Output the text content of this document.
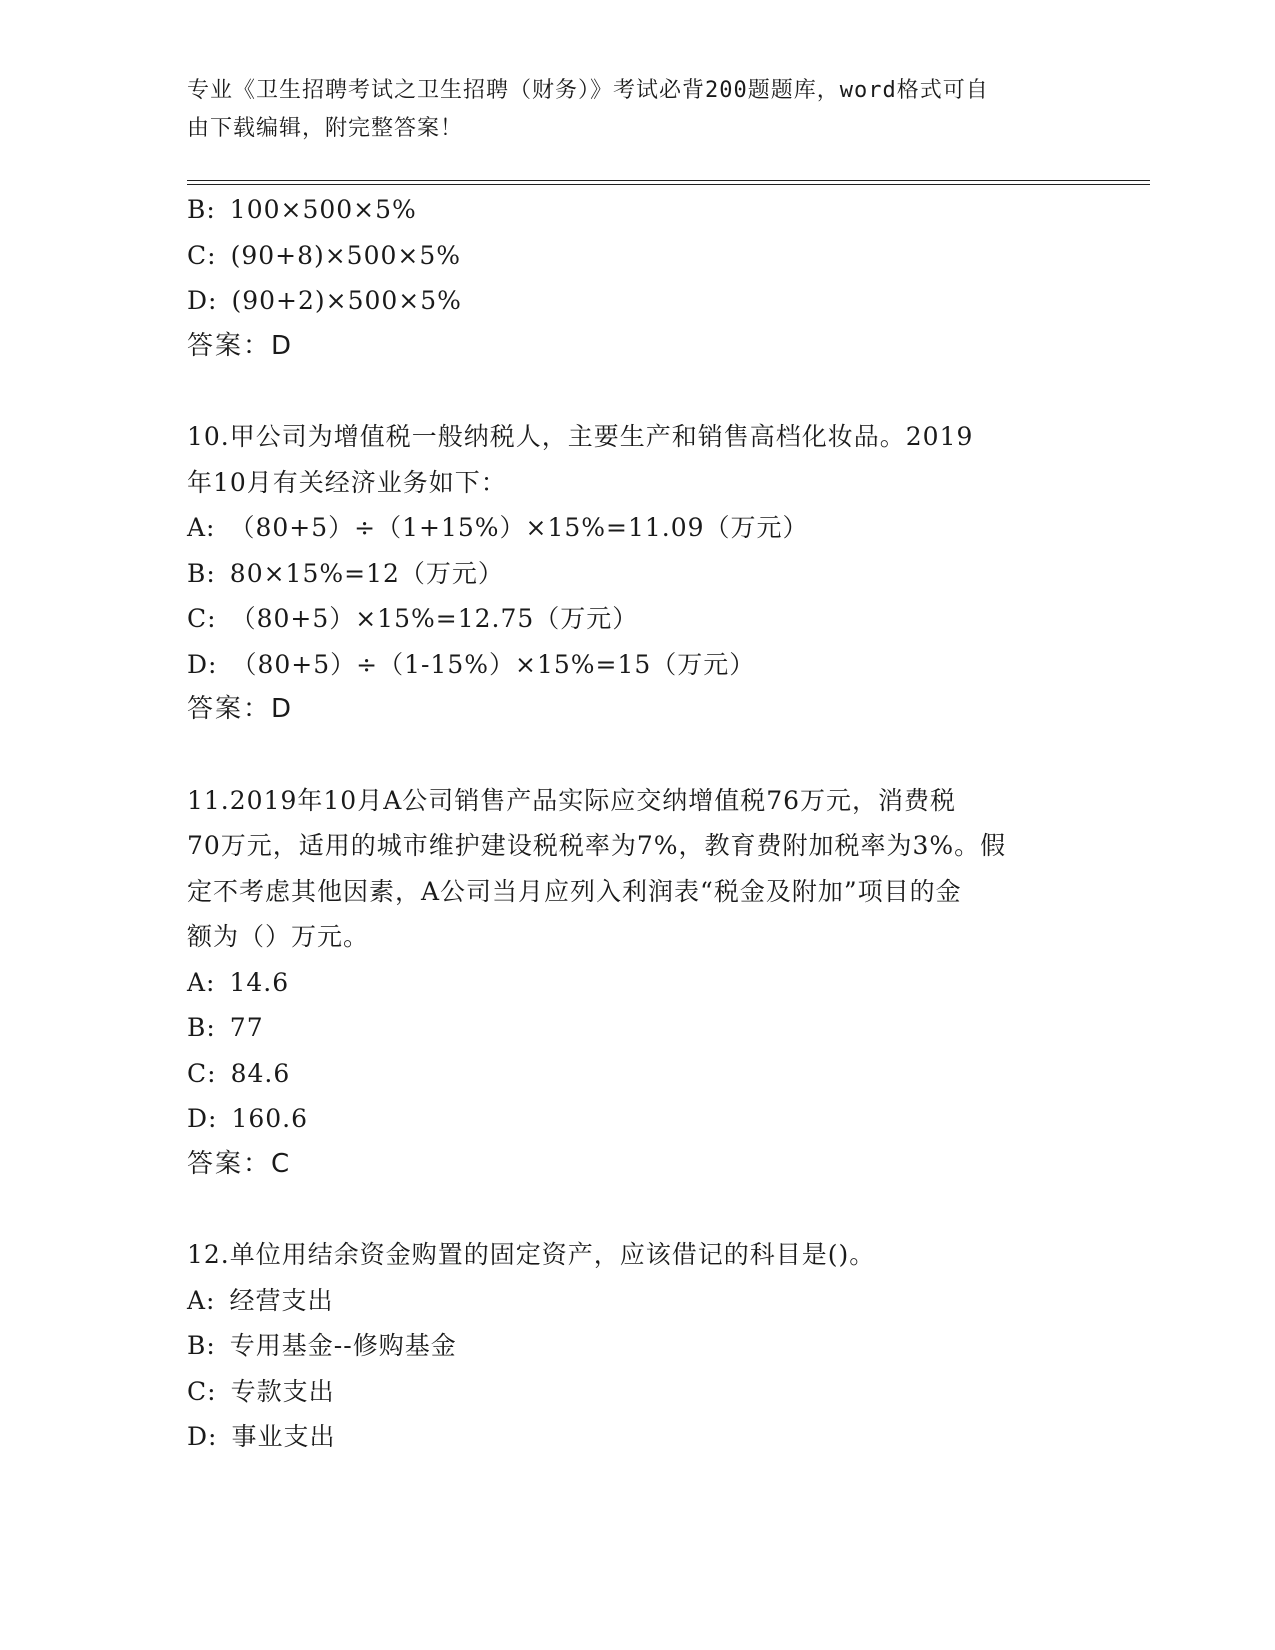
专业《卫生招聘考试之卫生招聘（财务）》考试必背200题题库，word格式可自
由下载编辑，附完整答案！
B: 100×500×5%
C: (90+8)×500×5%
D: (90+2)×500×5%
答案：D
10.甲公司为增值税一般纳税人，主要生产和销售高档化妆品。2019
年10月有关经济业务如下：
A: （80+5）÷（1+15%）×15%=11.09（万元）
B: 80×15%=12（万元）
C: （80+5）×15%=12.75（万元）
D: （80+5）÷（1-15%）×15%=15（万元）
答案：D
11.2019年10月A公司销售产品实际应交纳增值税76万元，消费税
70万元，适用的城市维护建设税税率为7%，教育费附加税率为3%。假
定不考虑其他因素，A公司当月应列入利润表“税金及附加”项目的金
额为（）万元。
A: 14.6
B: 77
C: 84.6
D: 160.6
答案：C
12.单位用结余资金购置的固定资产，应该借记的科目是()。
A: 经营支出
B: 专用基金--修购基金
C: 专款支出
D: 事业支出
